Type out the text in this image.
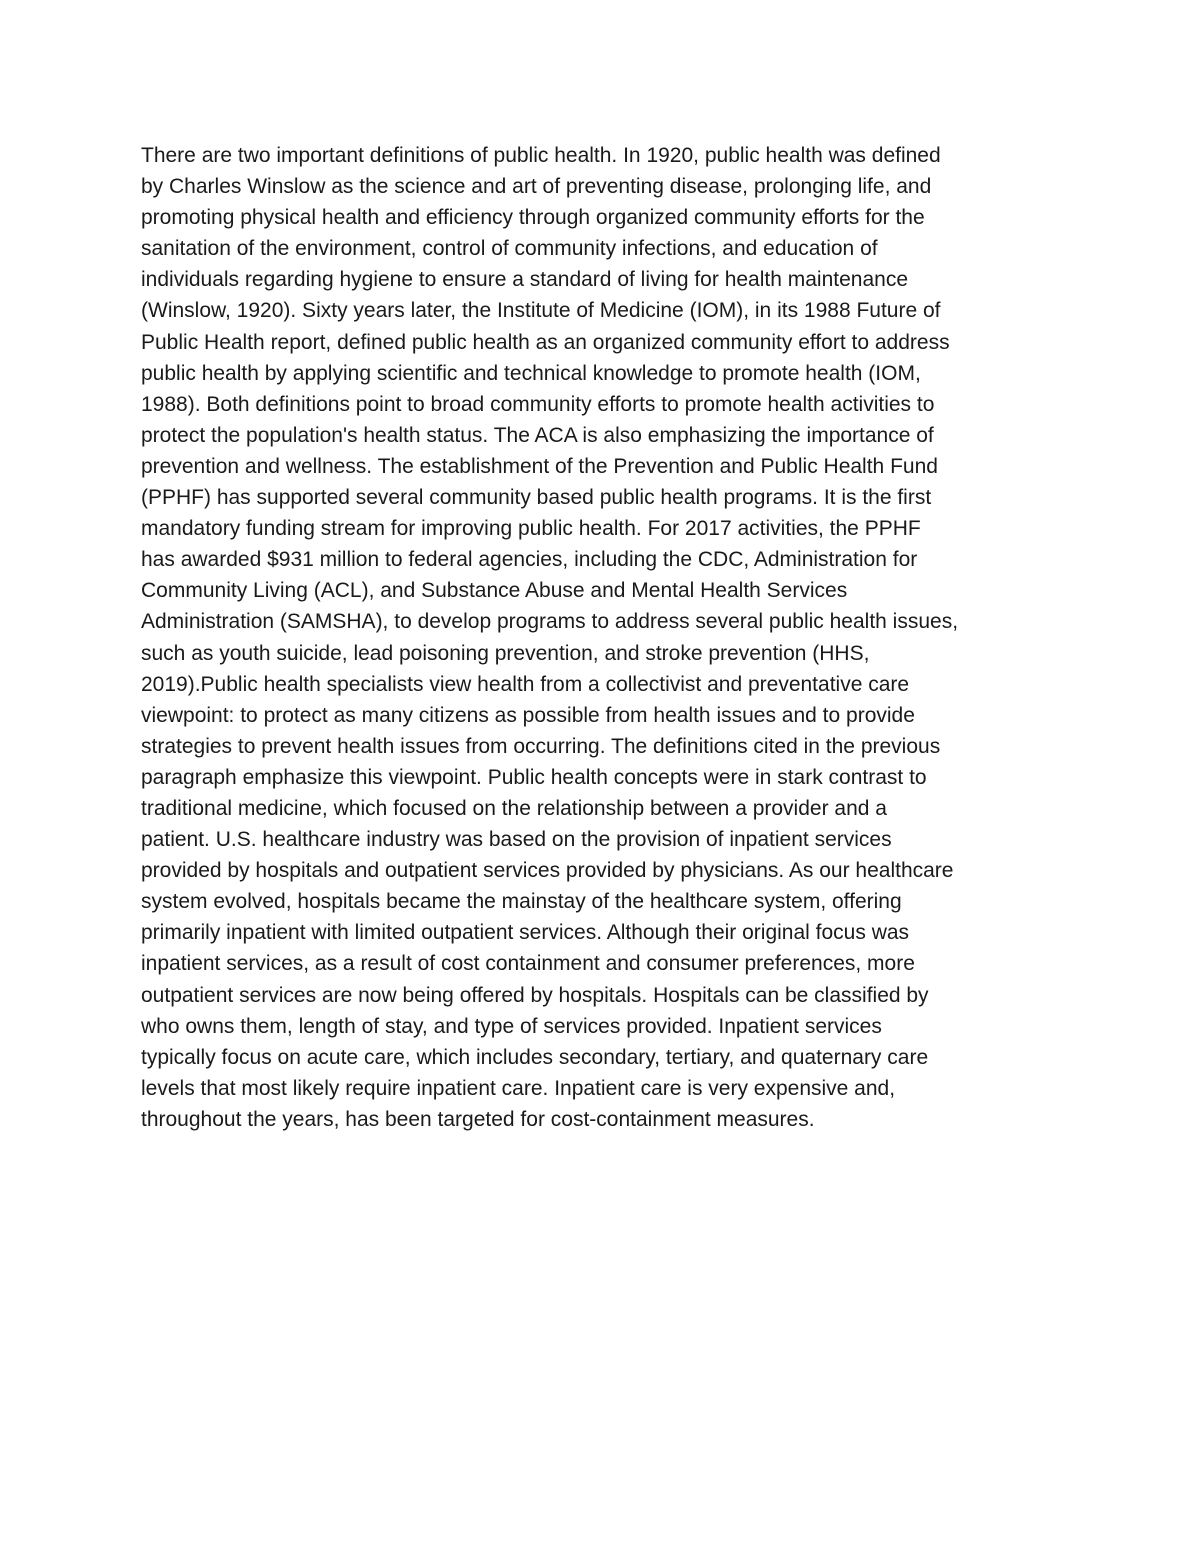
There are two important definitions of public health. In 1920, public health was defined
by Charles Winslow as the science and art of preventing disease, prolonging life, and
promoting physical health and efficiency through organized community efforts for the
sanitation of the environment, control of community infections, and education of
individuals regarding hygiene to ensure a standard of living for health maintenance
(Winslow, 1920). Sixty years later, the Institute of Medicine (IOM), in its 1988 Future of
Public Health report, defined public health as an organized community effort to address
public health by applying scientific and technical knowledge to promote health (IOM,
1988). Both definitions point to broad community efforts to promote health activities to
protect the population's health status. The ACA is also emphasizing the importance of
prevention and wellness. The establishment of the Prevention and Public Health Fund
(PPHF) has supported several community based public health programs. It is the first
mandatory funding stream for improving public health. For 2017 activities, the PPHF
has awarded $931 million to federal agencies, including the CDC, Administration for
Community Living (ACL), and Substance Abuse and Mental Health Services
Administration (SAMSHA), to develop programs to address several public health issues,
such as youth suicide, lead poisoning prevention, and stroke prevention (HHS,
2019).Public health specialists view health from a collectivist and preventative care
viewpoint: to protect as many citizens as possible from health issues and to provide
strategies to prevent health issues from occurring. The definitions cited in the previous
paragraph emphasize this viewpoint. Public health concepts were in stark contrast to
traditional medicine, which focused on the relationship between a provider and a
patient. U.S. healthcare industry was based on the provision of inpatient services
provided by hospitals and outpatient services provided by physicians. As our healthcare
system evolved, hospitals became the mainstay of the healthcare system, offering
primarily inpatient with limited outpatient services. Although their original focus was
inpatient services, as a result of cost containment and consumer preferences, more
outpatient services are now being offered by hospitals. Hospitals can be classified by
who owns them, length of stay, and type of services provided. Inpatient services
typically focus on acute care, which includes secondary, tertiary, and quaternary care
levels that most likely require inpatient care. Inpatient care is very expensive and,
throughout the years, has been targeted for cost-containment measures.
